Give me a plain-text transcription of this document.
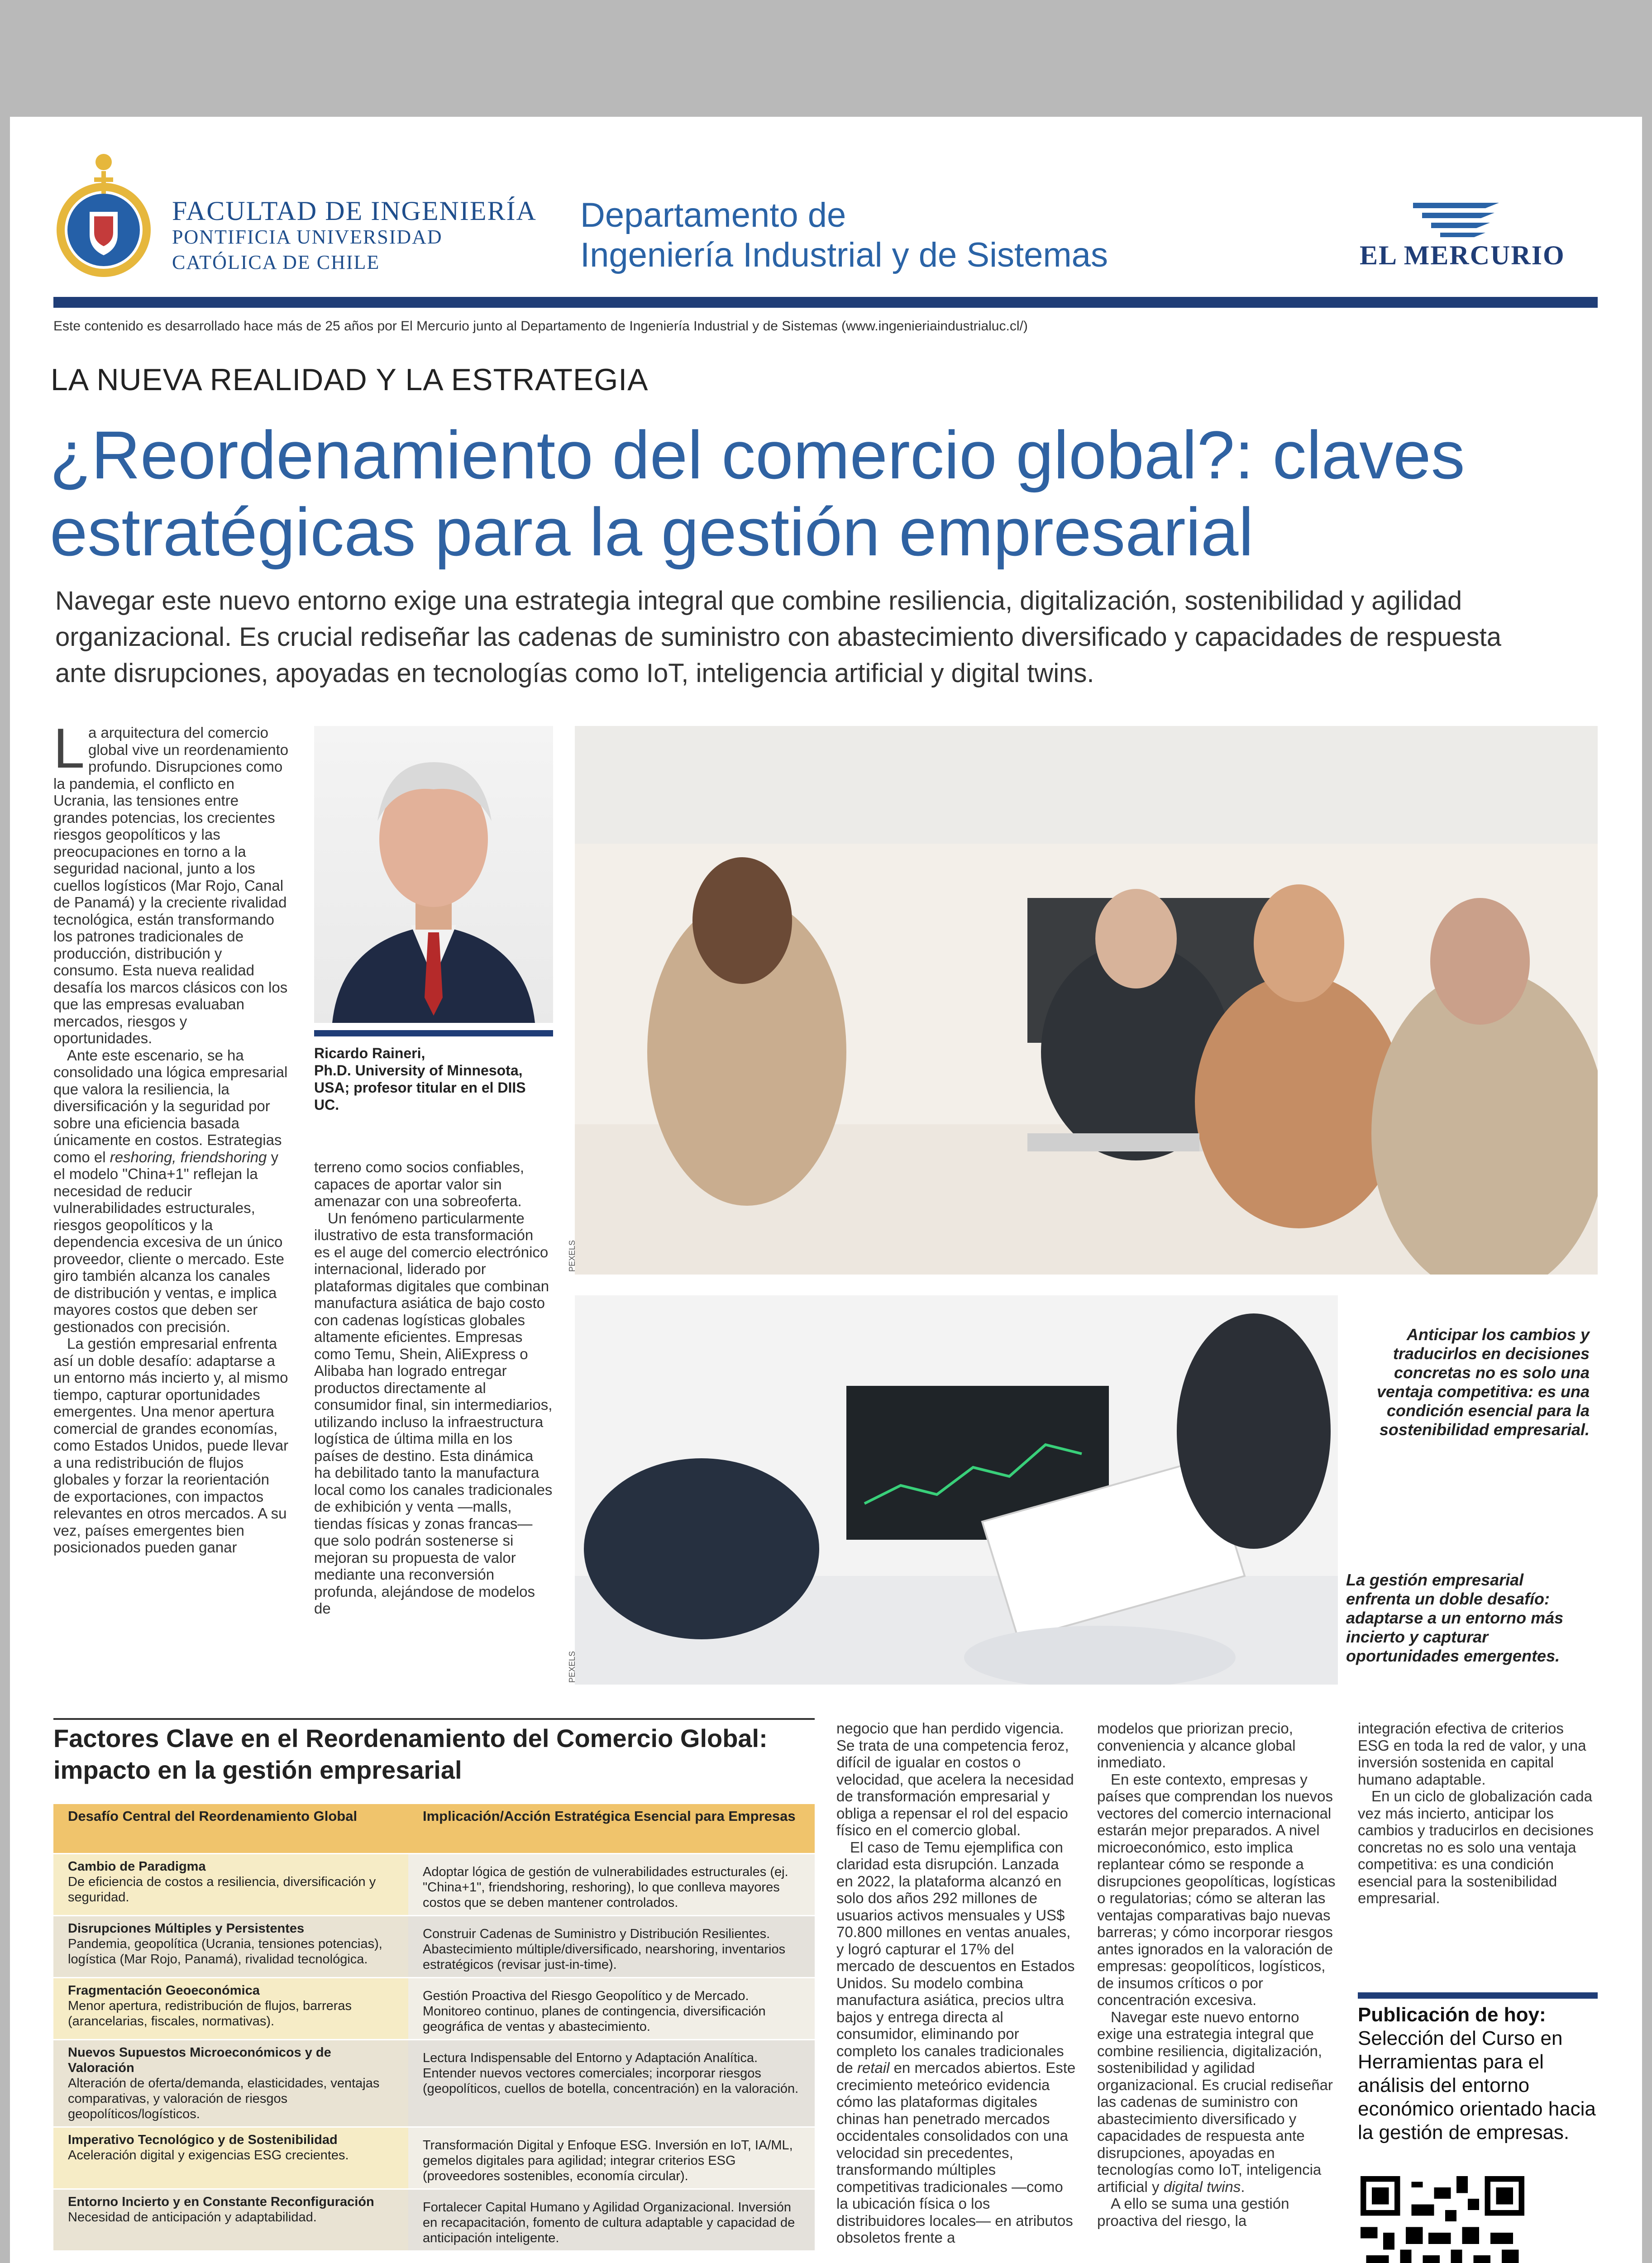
FACULTAD DE INGENIERÍA
PONTIFICIA UNIVERSIDAD
CATÓLICA DE CHILE
Departamento de
Ingeniería Industrial y de Sistemas	EL MERCURIO
Este contenido es desarrollado hace más de 25 años por El Mercurio junto al Departamento de Ingeniería Industrial y de Sistemas (www.ingenieriaindustrialuc.cl/)
LA NUEVA REALIDAD Y LA ESTRATEGIA
¿Reordenamiento del comercio global?: claves estratégicas para la gestión empresarial
Navegar este nuevo entorno exige una estrategia integral que combine resiliencia, digitalización, sostenibilidad y agilidad organizacional. Es crucial rediseñar las cadenas de suministro con abastecimiento diversificado y capacidades de respuesta ante disrupciones, apoyadas en tecnologías como IoT, inteligencia artificial y digital twins.

La arquitectura del comercio global vive un reordenamiento profundo. Disrupciones como la pandemia, el conflicto en Ucrania, las tensiones entre grandes potencias, los crecientes riesgos geopolíticos y las preocupaciones en torno a la seguridad nacional, junto a los cuellos logísticos (Mar Rojo, Canal de Panamá) y la creciente rivalidad tecnológica, están transformando los patrones tradicionales de producción, distribución y consumo. Esta nueva realidad desafía los marcos clásicos con los que las empresas evaluaban mercados, riesgos y oportunidades.

Ante este escenario, se ha consolidado una lógica empresarial que valora la resiliencia, la diversificación y la seguridad por sobre una eficiencia basada únicamente en costos. Estrategias como el reshoring, friendshoring y el modelo "China+1" reflejan la necesidad de reducir vulnerabilidades estructurales, riesgos geopolíticos y la dependencia excesiva de un único proveedor, cliente o mercado. Este giro también alcanza los canales de distribución y ventas, e implica mayores costos que deben ser gestionados con precisión.

La gestión empresarial enfrenta así un doble desafío: adaptarse a un entorno más incierto y, al mismo tiempo, capturar oportunidades emergentes. Una menor apertura comercial de grandes economías, como Estados Unidos, puede llevar a una redistribución de flujos globales y forzar la reorientación de exportaciones, con impactos relevantes en otros mercados. A su vez, países emergentes bien posicionados pueden ganar

Ricardo Raineri,
Ph.D. University of Minnesota, USA; profesor titular en el DIIS UC.

terreno como socios confiables, capaces de aportar valor sin amenazar con una sobreoferta.

Un fenómeno particularmente ilustrativo de esta transformación es el auge del comercio electrónico internacional, liderado por plataformas digitales que combinan manufactura asiática de bajo costo con cadenas logísticas globales altamente eficientes. Empresas como Temu, Shein, AliExpress o Alibaba han logrado entregar productos directamente al consumidor final, sin intermediarios, utilizando incluso la infraestructura logística de última milla en los países de destino. Esta dinámica ha debilitado tanto la manufactura local como los canales tradicionales de exhibición y venta —malls, tiendas físicas y zonas francas— que solo podrán sostenerse si mejoran su propuesta de valor mediante una reconversión profunda, alejándose de modelos de

PEXELS
PEXELS
Anticipar los cambios y traducirlos en decisiones concretas no es solo una ventaja competitiva: es una condición esencial para la sostenibilidad empresarial.
La gestión empresarial enfrenta un doble desafío: adaptarse a un entorno más incierto y capturar oportunidades emergentes.
Factores Clave en el Reordenamiento del Comercio Global: impacto en la gestión empresarial
Desafío Central del Reordenamiento Global	Implicación/Acción Estratégica Esencial para Empresas

Cambio de Paradigma
De eficiencia de costos a resiliencia, diversificación y seguridad.	Adoptar lógica de gestión de vulnerabilidades estructurales (ej. "China+1", friendshoring, reshoring), lo que conlleva mayores costos que se deben mantener controlados.

Disrupciones Múltiples y Persistentes
Pandemia, geopolítica (Ucrania, tensiones potencias), logística (Mar Rojo, Panamá), rivalidad tecnológica.	Construir Cadenas de Suministro y Distribución Resilientes. Abastecimiento múltiple/diversificado, nearshoring, inventarios estratégicos (revisar just-in-time).

Fragmentación Geoeconómica
Menor apertura, redistribución de flujos, barreras (arancelarias, fiscales, normativas).	Gestión Proactiva del Riesgo Geopolítico y de Mercado. Monitoreo continuo, planes de contingencia, diversificación geográfica de ventas y abastecimiento.

Nuevos Supuestos Microeconómicos y de Valoración
Alteración de oferta/demanda, elasticidades, ventajas comparativas, y valoración de riesgos geopolíticos/logísticos.	Lectura Indispensable del Entorno y Adaptación Analítica. Entender nuevos vectores comerciales; incorporar riesgos (geopolíticos, cuellos de botella, concentración) en la valoración.

Imperativo Tecnológico y de Sostenibilidad
Aceleración digital y exigencias ESG crecientes.	Transformación Digital y Enfoque ESG. Inversión en IoT, IA/ML, gemelos digitales para agilidad; integrar criterios ESG (proveedores sostenibles, economía circular).

Entorno Incierto y en Constante Reconfiguración
Necesidad de anticipación y adaptabilidad.	Fortalecer Capital Humano y Agilidad Organizacional. Inversión en recapacitación, fomento de cultura adaptable y capacidad de anticipación inteligente.

negocio que han perdido vigencia. Se trata de una competencia feroz, difícil de igualar en costos o velocidad, que acelera la necesidad de transformación empresarial y obliga a repensar el rol del espacio físico en el comercio global.

El caso de Temu ejemplifica con claridad esta disrupción. Lanzada en 2022, la plataforma alcanzó en solo dos años 292 millones de usuarios activos mensuales y US$ 70.800 millones en ventas anuales, y logró capturar el 17% del mercado de descuentos en Estados Unidos. Su modelo combina manufactura asiática, precios ultra bajos y entrega directa al consumidor, eliminando por completo los canales tradicionales de retail en mercados abiertos. Este crecimiento meteórico evidencia cómo las plataformas digitales chinas han penetrado mercados occidentales consolidados con una velocidad sin precedentes, transformando múltiples competitivas tradicionales —como la ubicación física o los distribuidores locales— en atributos obsoletos frente a

modelos que priorizan precio, conveniencia y alcance global inmediato.

En este contexto, empresas y países que comprendan los nuevos vectores del comercio internacional estarán mejor preparados. A nivel microeconómico, esto implica replantear cómo se responde a disrupciones geopolíticas, logísticas o regulatorias; cómo se alteran las ventajas comparativas bajo nuevas barreras; y cómo incorporar riesgos antes ignorados en la valoración de empresas: geopolíticos, logísticos, de insumos críticos o por concentración excesiva.

Navegar este nuevo entorno exige una estrategia integral que combine resiliencia, digitalización, sostenibilidad y agilidad organizacional. Es crucial rediseñar las cadenas de suministro con abastecimiento diversificado y capacidades de respuesta ante disrupciones, apoyadas en tecnologías como IoT, inteligencia artificial y digital twins.

A ello se suma una gestión proactiva del riesgo, la

integración efectiva de criterios ESG en toda la red de valor, y una inversión sostenida en capital humano adaptable.

En un ciclo de globalización cada vez más incierto, anticipar los cambios y traducirlos en decisiones concretas no es solo una ventaja competitiva: es una condición esencial para la sostenibilidad empresarial.

Publicación de hoy:
Selección del Curso en Herramientas para el análisis del entorno económico orientado hacia la gestión de empresas.
